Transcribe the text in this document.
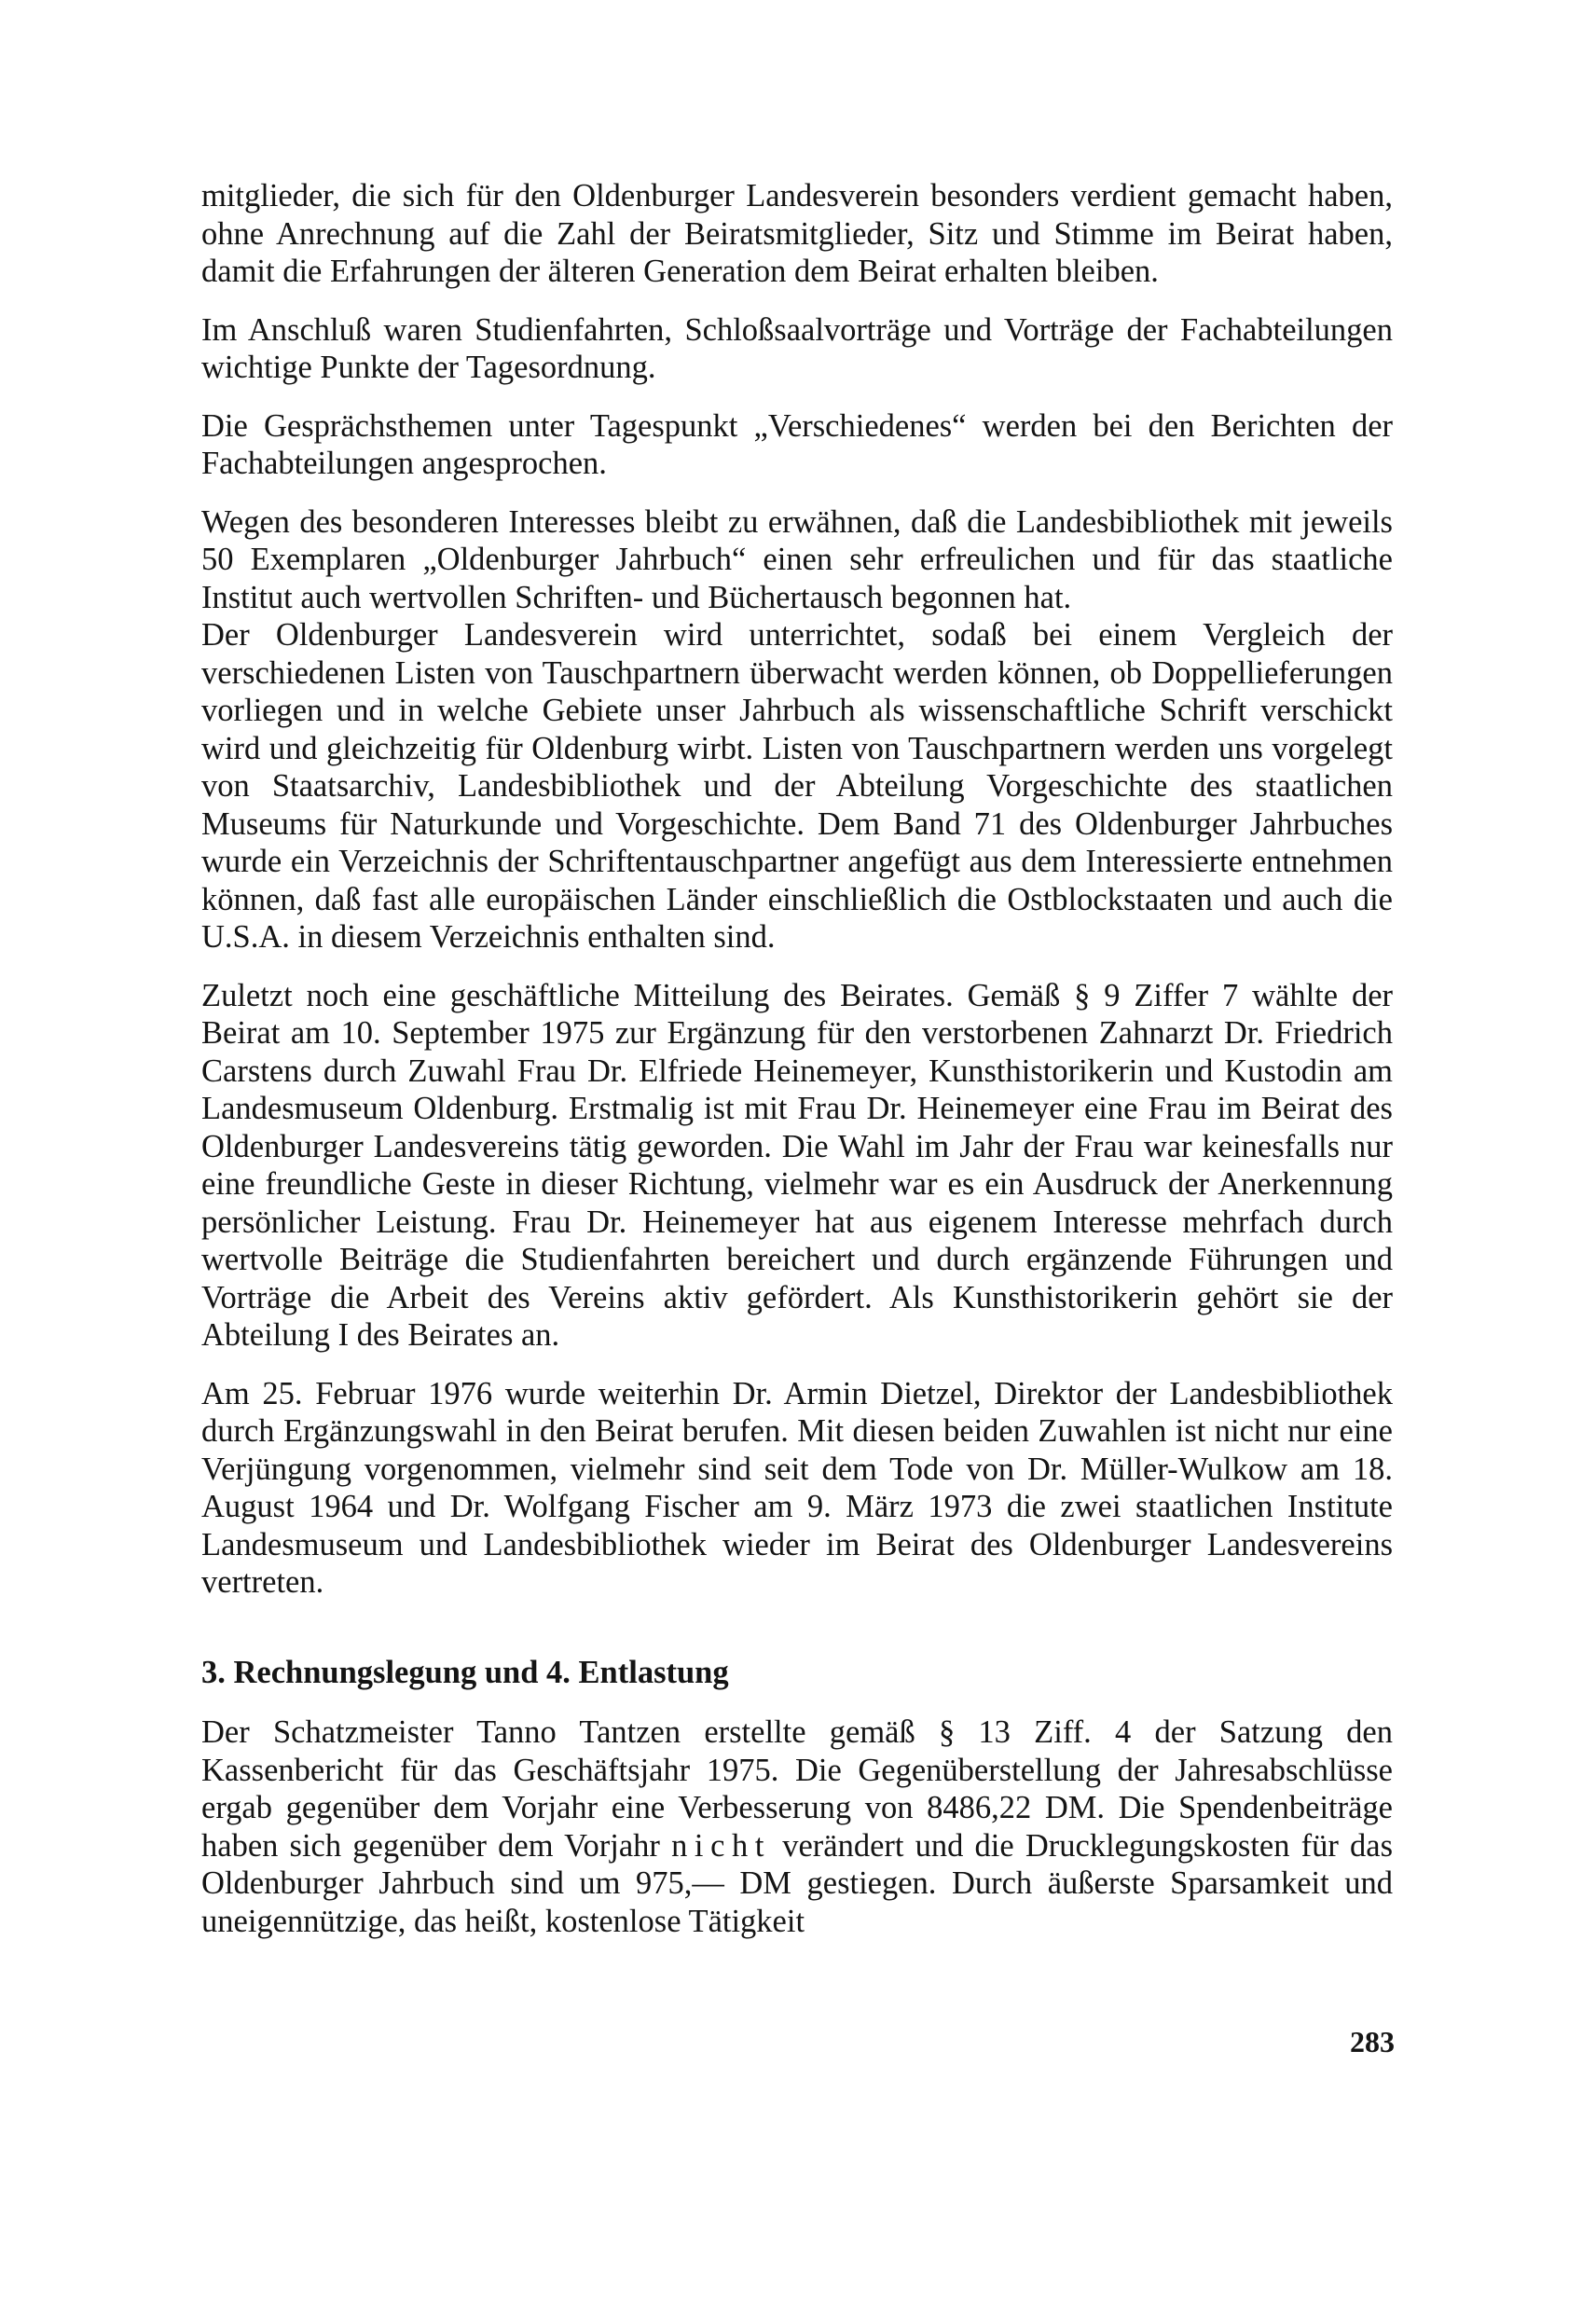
mitglieder, die sich für den Oldenburger Landesverein besonders verdient gemacht haben, ohne Anrechnung auf die Zahl der Beiratsmitglieder, Sitz und Stimme im Beirat haben, damit die Erfahrungen der älteren Generation dem Beirat erhalten bleiben.

Im Anschluß waren Studienfahrten, Schloßsaalvorträge und Vorträge der Fachabteilungen wichtige Punkte der Tagesordnung.

Die Gesprächsthemen unter Tagespunkt „Verschiedenes“ werden bei den Berichten der Fachabteilungen angesprochen.

Wegen des besonderen Interesses bleibt zu erwähnen, daß die Landesbibliothek mit jeweils 50 Exemplaren „Oldenburger Jahrbuch“ einen sehr erfreulichen und für das staatliche Institut auch wertvollen Schriften- und Büchertausch begonnen hat.

Der Oldenburger Landesverein wird unterrichtet, sodaß bei einem Vergleich der verschiedenen Listen von Tauschpartnern überwacht werden können, ob Doppellieferungen vorliegen und in welche Gebiete unser Jahrbuch als wissenschaftliche Schrift verschickt wird und gleichzeitig für Oldenburg wirbt. Listen von Tauschpartnern werden uns vorgelegt von Staatsarchiv, Landesbibliothek und der Abteilung Vorgeschichte des staatlichen Museums für Naturkunde und Vorgeschichte. Dem Band 71 des Oldenburger Jahrbuches wurde ein Verzeichnis der Schriftentauschpartner angefügt aus dem Interessierte entnehmen können, daß fast alle europäischen Länder einschließlich die Ostblockstaaten und auch die U.S.A. in diesem Verzeichnis enthalten sind.

Zuletzt noch eine geschäftliche Mitteilung des Beirates. Gemäß § 9 Ziffer 7 wählte der Beirat am 10. September 1975 zur Ergänzung für den verstorbenen Zahnarzt Dr. Friedrich Carstens durch Zuwahl Frau Dr. Elfriede Heinemeyer, Kunsthistorikerin und Kustodin am Landesmuseum Oldenburg. Erstmalig ist mit Frau Dr. Heinemeyer eine Frau im Beirat des Oldenburger Landesvereins tätig geworden. Die Wahl im Jahr der Frau war keinesfalls nur eine freundliche Geste in dieser Richtung, vielmehr war es ein Ausdruck der Anerkennung persönlicher Leistung. Frau Dr. Heinemeyer hat aus eigenem Interesse mehrfach durch wertvolle Beiträge die Studienfahrten bereichert und durch ergänzende Führungen und Vorträge die Arbeit des Vereins aktiv gefördert. Als Kunsthistorikerin gehört sie der Abteilung I des Beirates an.

Am 25. Februar 1976 wurde weiterhin Dr. Armin Dietzel, Direktor der Landesbibliothek durch Ergänzungswahl in den Beirat berufen. Mit diesen beiden Zuwahlen ist nicht nur eine Verjüngung vorgenommen, vielmehr sind seit dem Tode von Dr. Müller-Wulkow am 18. August 1964 und Dr. Wolfgang Fischer am 9. März 1973 die zwei staatlichen Institute Landesmuseum und Landesbibliothek wieder im Beirat des Oldenburger Landesvereins vertreten.

3. Rechnungslegung und 4. Entlastung

Der Schatzmeister Tanno Tantzen erstellte gemäß § 13 Ziff. 4 der Satzung den Kassenbericht für das Geschäftsjahr 1975. Die Gegenüberstellung der Jahresabschlüsse ergab gegenüber dem Vorjahr eine Verbesserung von 8486,22 DM. Die Spendenbeiträge haben sich gegenüber dem Vorjahr nicht verändert und die Drucklegungskosten für das Oldenburger Jahrbuch sind um 975,— DM gestiegen. Durch äußerste Sparsamkeit und uneigennützige, das heißt, kostenlose Tätigkeit

283
